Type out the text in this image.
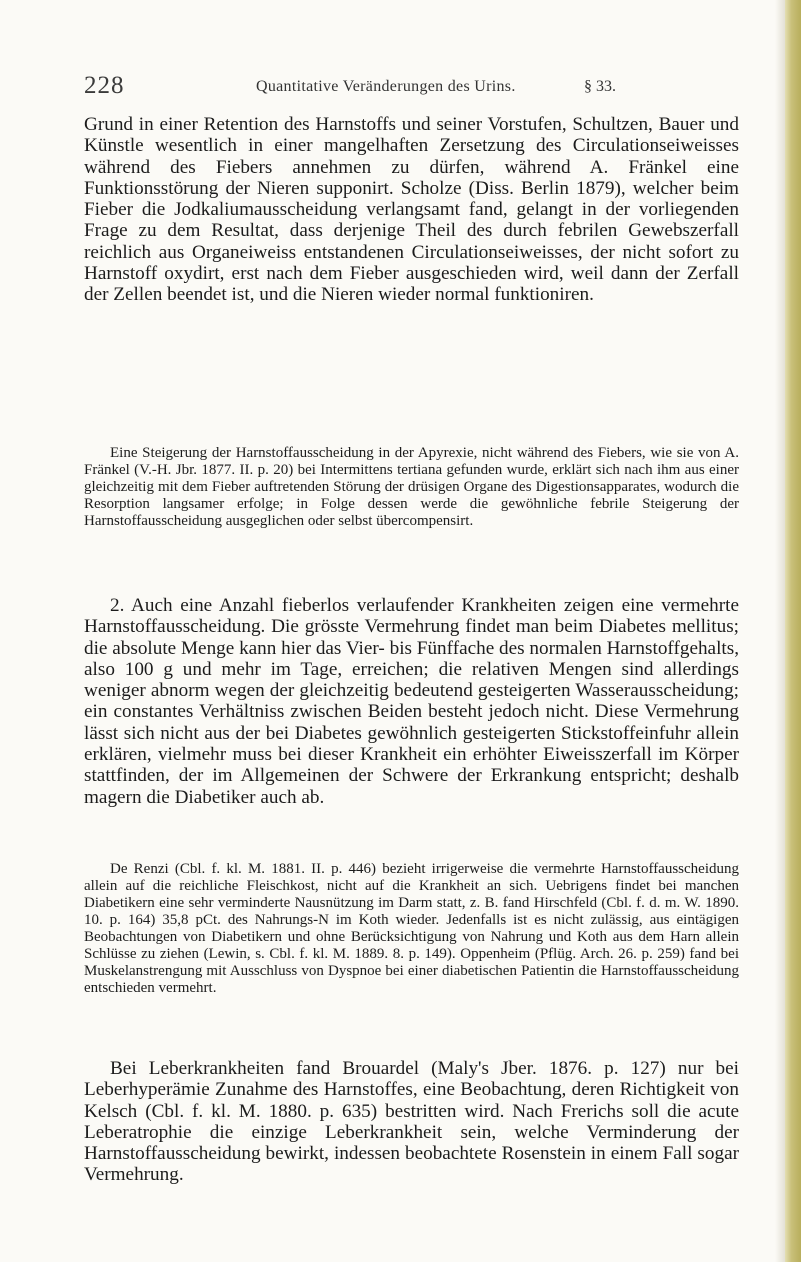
228	Quantitative Veränderungen des Urins.	§ 33.

Grund in einer Retention des Harnstoffs und seiner Vorstufen, Schultzen, Bauer und Künstle wesentlich in einer mangelhaften Zersetzung des Circulationseiweisses während des Fiebers annehmen zu dürfen, während A. Fränkel eine Funktionsstörung der Nieren supponirt. Scholze (Diss. Berlin 1879), welcher beim Fieber die Jodkaliumausscheidung verlangsamt fand, gelangt in der vorliegenden Frage zu dem Resultat, dass derjenige Theil des durch febrilen Gewebszerfall reichlich aus Organeiweiss entstandenen Circulationseiweisses, der nicht sofort zu Harnstoff oxydirt, erst nach dem Fieber ausgeschieden wird, weil dann der Zerfall der Zellen beendet ist, und die Nieren wieder normal funktioniren.

Eine Steigerung der Harnstoffausscheidung in der Apyrexie, nicht während des Fiebers, wie sie von A. Fränkel (V.-H. Jbr. 1877. II. p. 20) bei Intermittens tertiana gefunden wurde, erklärt sich nach ihm aus einer gleichzeitig mit dem Fieber auftretenden Störung der drüsigen Organe des Digestionsapparates, wodurch die Resorption langsamer erfolge; in Folge dessen werde die gewöhnliche febrile Steigerung der Harnstoffausscheidung ausgeglichen oder selbst übercompensirt.

2. Auch eine Anzahl fieberlos verlaufender Krankheiten zeigen eine vermehrte Harnstoffausscheidung. Die grösste Vermehrung findet man beim Diabetes mellitus; die absolute Menge kann hier das Vier- bis Fünffache des normalen Harnstoffgehalts, also 100 g und mehr im Tage, erreichen; die relativen Mengen sind allerdings weniger abnorm wegen der gleichzeitig bedeutend gesteigerten Wasserausscheidung; ein constantes Verhältniss zwischen Beiden besteht jedoch nicht. Diese Vermehrung lässt sich nicht aus der bei Diabetes gewöhnlich gesteigerten Stickstoffeinfuhr allein erklären, vielmehr muss bei dieser Krankheit ein erhöhter Eiweisszerfall im Körper stattfinden, der im Allgemeinen der Schwere der Erkrankung entspricht; deshalb magern die Diabetiker auch ab.

De Renzi (Cbl. f. kl. M. 1881. II. p. 446) bezieht irrigerweise die vermehrte Harnstoffausscheidung allein auf die reichliche Fleischkost, nicht auf die Krankheit an sich. Uebrigens findet bei manchen Diabetikern eine sehr verminderte Nausnützung im Darm statt, z. B. fand Hirschfeld (Cbl. f. d. m. W. 1890. 10. p. 164) 35,8 pCt. des Nahrungs-N im Koth wieder. Jedenfalls ist es nicht zulässig, aus eintägigen Beobachtungen von Diabetikern und ohne Berücksichtigung von Nahrung und Koth aus dem Harn allein Schlüsse zu ziehen (Lewin, s. Cbl. f. kl. M. 1889. 8. p. 149). Oppenheim (Pflüg. Arch. 26. p. 259) fand bei Muskelanstrengung mit Ausschluss von Dyspnoe bei einer diabetischen Patientin die Harnstoffausscheidung entschieden vermehrt.

Bei Leberkrankheiten fand Brouardel (Maly's Jber. 1876. p. 127) nur bei Leberhyperämie Zunahme des Harnstoffes, eine Beobachtung, deren Richtigkeit von Kelsch (Cbl. f. kl. M. 1880. p. 635) bestritten wird. Nach Frerichs soll die acute Leberatrophie die einzige Leberkrankheit sein, welche Verminderung der Harnstoffausscheidung bewirkt, indessen beobachtete Rosenstein in einem Fall sogar Vermehrung.
